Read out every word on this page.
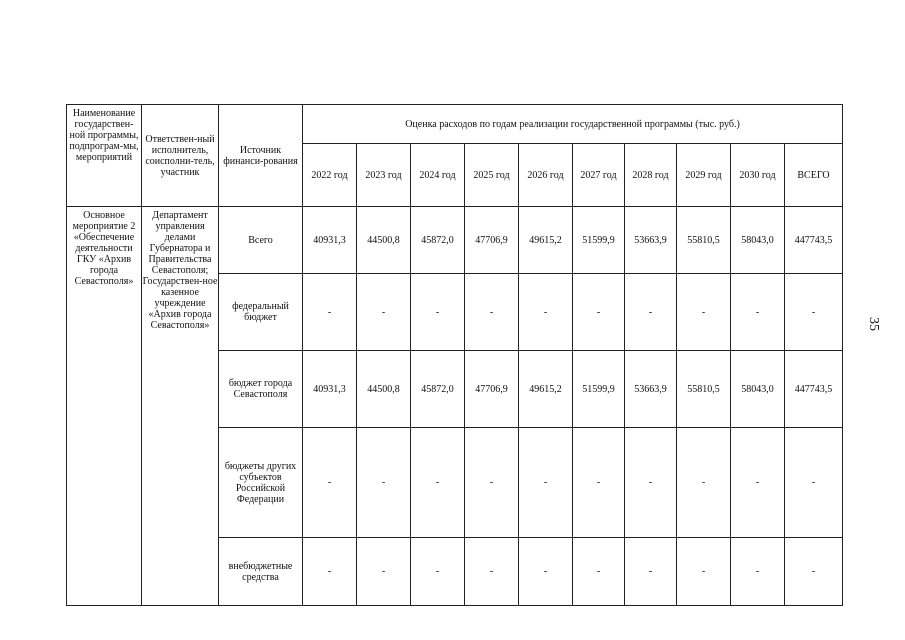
Наименование государствен-ной программы, подпрограм-мы, мероприятий	Ответствен-ный исполнитель, соисполни-тель, участник	Источник финанси-рования	Оценка расходов по годам реализации государственной программы (тыс. руб.)									
			2022 год	2023 год	2024 год	2025 год	2026 год	2027 год	2028 год	2029 год	2030 год	ВСЕГО
Основное мероприятие 2 «Обеспечение деятельности ГКУ «Архив города Севастополя»	Департамент управления делами Губернатора и Правительства Севастополя; Государствен-ное казенное учреждение «Архив города Севастополя»	Всего	40931,3	44500,8	45872,0	47706,9	49615,2	51599,9	53663,9	55810,5	58043,0	447743,5
		федеральный бюджет	-	-	-	-	-	-	-	-	-	-
		бюджет города Севастополя	40931,3	44500,8	45872,0	47706,9	49615,2	51599,9	53663,9	55810,5	58043,0	447743,5
		бюджеты других субъектов Российской Федерации	-	-	-	-	-	-	-	-	-	-
		внебюджетные средства	-	-	-	-	-	-	-	-	-	-
35
